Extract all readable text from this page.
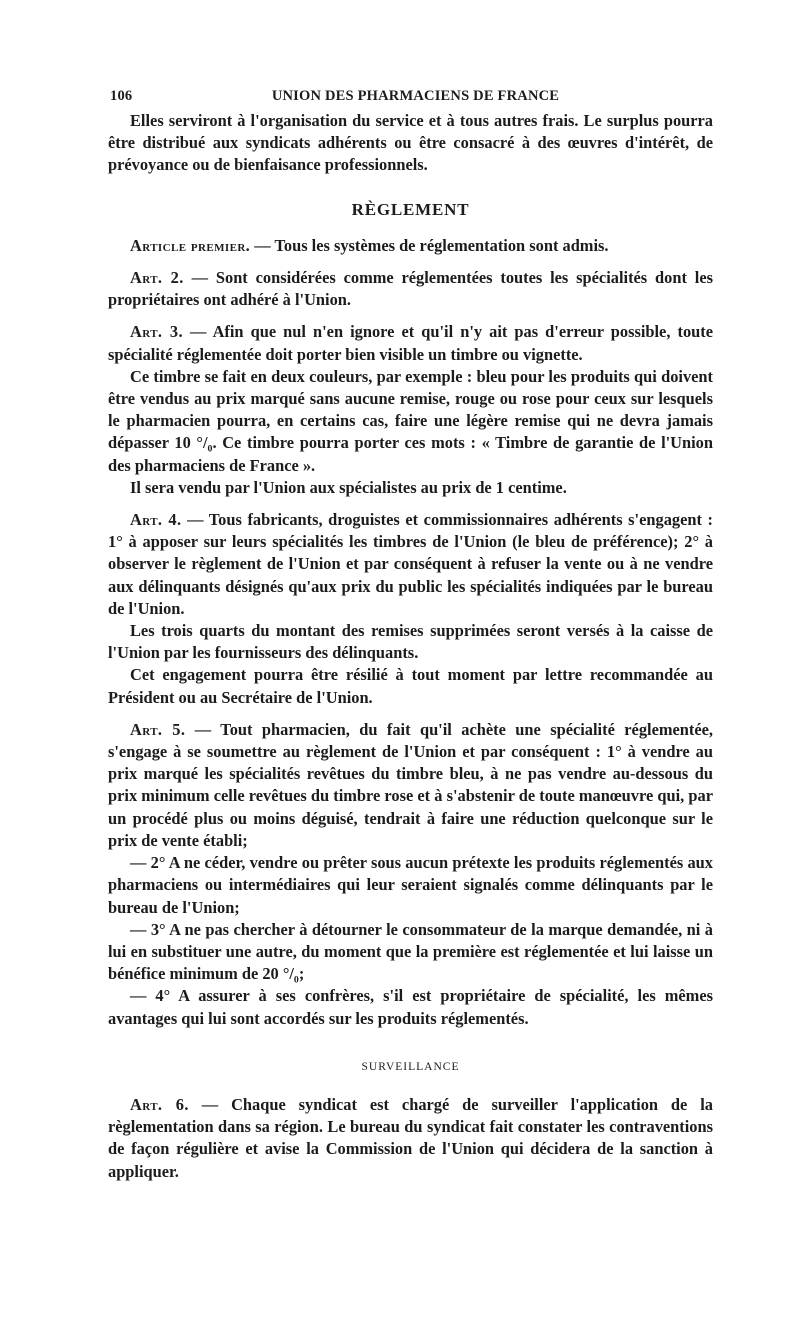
106	UNION DES PHARMACIENS DE FRANCE

Elles serviront à l'organisation du service et à tous autres frais. Le surplus pourra être distribué aux syndicats adhérents ou être consacré à des œuvres d'intérêt, de prévoyance ou de bienfaisance professionnels.

RÈGLEMENT

Article premier. — Tous les systèmes de réglementation sont admis.

Art. 2. — Sont considérées comme réglementées toutes les spécialités dont les propriétaires ont adhéré à l'Union.

Art. 3. — Afin que nul n'en ignore et qu'il n'y ait pas d'erreur possible, toute spécialité réglementée doit porter bien visible un timbre ou vignette.

Ce timbre se fait en deux couleurs, par exemple : bleu pour les produits qui doivent être vendus au prix marqué sans aucune remise, rouge ou rose pour ceux sur lesquels le pharmacien pourra, en certains cas, faire une légère remise qui ne devra jamais dépasser 10 °/₀. Ce timbre pourra porter ces mots : « Timbre de garantie de l'Union des pharmaciens de France ».

Il sera vendu par l'Union aux spécialistes au prix de 1 centime.

Art. 4. — Tous fabricants, droguistes et commissionnaires adhérents s'engagent : 1° à apposer sur leurs spécialités les timbres de l'Union (le bleu de préférence); 2° à observer le règlement de l'Union et par conséquent à refuser la vente ou à ne vendre aux délinquants désignés qu'aux prix du public les spécialités indiquées par le bureau de l'Union.

Les trois quarts du montant des remises supprimées seront versés à la caisse de l'Union par les fournisseurs des délinquants.

Cet engagement pourra être résilié à tout moment par lettre recommandée au Président ou au Secrétaire de l'Union.

Art. 5. — Tout pharmacien, du fait qu'il achète une spécialité réglementée, s'engage à se soumettre au règlement de l'Union et par conséquent : 1° à vendre au prix marqué les spécialités revêtues du timbre bleu, à ne pas vendre au-dessous du prix minimum celle revêtues du timbre rose et à s'abstenir de toute manœuvre qui, par un procédé plus ou moins déguisé, tendrait à faire une réduction quelconque sur le prix de vente établi;

— 2° A ne céder, vendre ou prêter sous aucun prétexte les produits réglementés aux pharmaciens ou intermédiaires qui leur seraient signalés comme délinquants par le bureau de l'Union;

— 3° A ne pas chercher à détourner le consommateur de la marque demandée, ni à lui en substituer une autre, du moment que la première est réglementée et lui laisse un bénéfice minimum de 20 °/₀;

— 4° A assurer à ses confrères, s'il est propriétaire de spécialité, les mêmes avantages qui lui sont accordés sur les produits réglementés.

SURVEILLANCE

Art. 6. — Chaque syndicat est chargé de surveiller l'application de la règlementation dans sa région. Le bureau du syndicat fait constater les contraventions de façon régulière et avise la Commission de l'Union qui décidera de la sanction à appliquer.
